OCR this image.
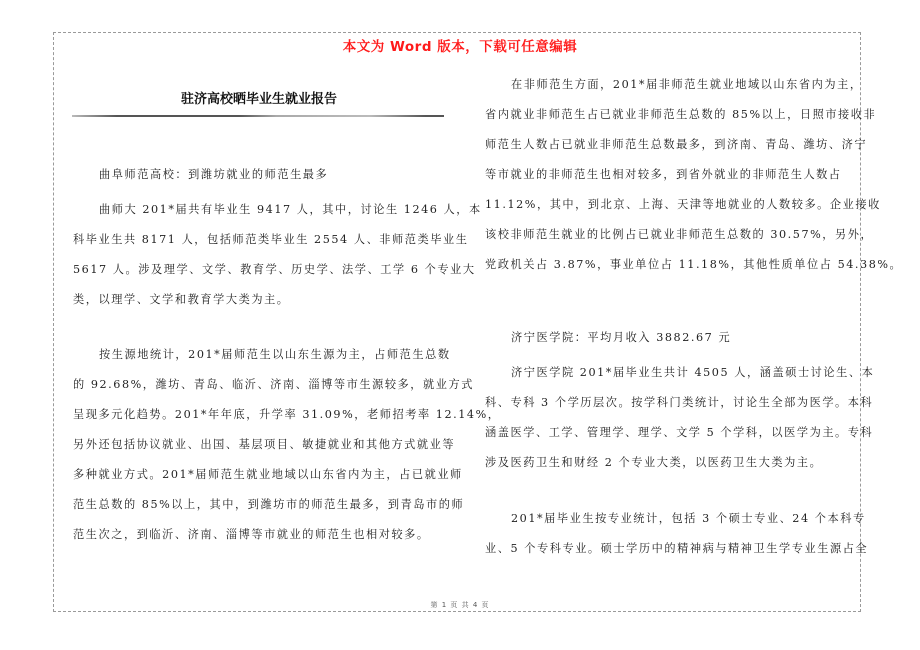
本文为 Word 版本，下载可任意编辑
驻济高校晒毕业生就业报告
曲阜师范高校：到潍坊就业的师范生最多
曲师大 201*届共有毕业生 9417 人，其中，讨论生 1246 人，本
科毕业生共 8171 人，包括师范类毕业生 2554 人、非师范类毕业生
5617 人。涉及理学、文学、教育学、历史学、法学、工学 6 个专业大
类，以理学、文学和教育学大类为主。
按生源地统计，201*届师范生以山东生源为主，占师范生总数
的 92.68%，潍坊、青岛、临沂、济南、淄博等市生源较多，就业方式
呈现多元化趋势。201*年年底，升学率 31.09%，老师招考率 12.14%，
另外还包括协议就业、出国、基层项目、敏捷就业和其他方式就业等
多种就业方式。201*届师范生就业地域以山东省内为主，占已就业师
范生总数的 85%以上，其中，到潍坊市的师范生最多，到青岛市的师
范生次之，到临沂、济南、淄博等市就业的师范生也相对较多。
在非师范生方面，201*届非师范生就业地域以山东省内为主，
省内就业非师范生占已就业非师范生总数的 85%以上，日照市接收非
师范生人数占已就业非师范生总数最多，到济南、青岛、潍坊、济宁
等市就业的非师范生也相对较多，到省外就业的非师范生人数占
11.12%，其中，到北京、上海、天津等地就业的人数较多。企业接收
该校非师范生就业的比例占已就业非师范生总数的 30.57%，另外，
党政机关占 3.87%，事业单位占 11.18%，其他性质单位占 54.38%。
济宁医学院：平均月收入 3882.67 元
济宁医学院 201*届毕业生共计 4505 人，涵盖硕士讨论生、本
科、专科 3 个学历层次。按学科门类统计，讨论生全部为医学。本科
涵盖医学、工学、管理学、理学、文学 5 个学科，以医学为主。专科
涉及医药卫生和财经 2 个专业大类，以医药卫生大类为主。
201*届毕业生按专业统计，包括 3 个硕士专业、24 个本科专
业、5 个专科专业。硕士学历中的精神病与精神卫生学专业生源占全
第 1 页 共 4 页
